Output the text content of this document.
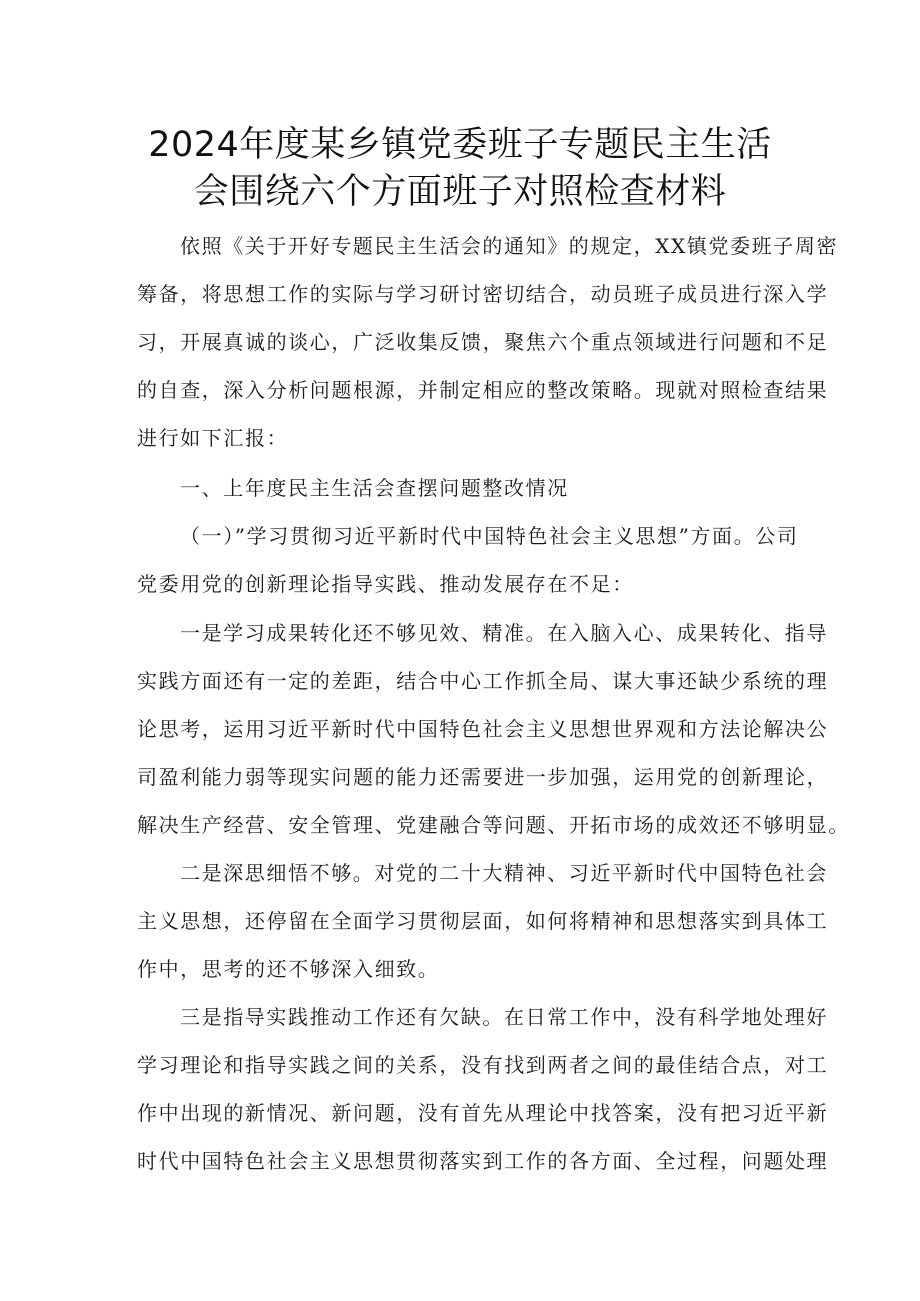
2024年度某乡镇党委班子专题民主生活
会围绕六个方面班子对照检查材料
依照《关于开好专题民主生活会的通知》的规定，XX镇党委班子周密
筹备，将思想工作的实际与学习研讨密切结合，动员班子成员进行深入学
习，开展真诚的谈心，广泛收集反馈，聚焦六个重点领域进行问题和不足
的自查，深入分析问题根源，并制定相应的整改策略。现就对照检查结果
进行如下汇报：
一、上年度民主生活会查摆问题整改情况
（一）”学习贯彻习近平新时代中国特色社会主义思想”方面。公司
党委用党的创新理论指导实践、推动发展存在不足：
一是学习成果转化还不够见效、精准。在入脑入心、成果转化、指导
实践方面还有一定的差距，结合中心工作抓全局、谋大事还缺少系统的理
论思考，运用习近平新时代中国特色社会主义思想世界观和方法论解决公
司盈利能力弱等现实问题的能力还需要进一步加强，运用党的创新理论，
解决生产经营、安全管理、党建融合等问题、开拓市场的成效还不够明显。
二是深思细悟不够。对党的二十大精神、习近平新时代中国特色社会
主义思想，还停留在全面学习贯彻层面，如何将精神和思想落实到具体工
作中，思考的还不够深入细致。
三是指导实践推动工作还有欠缺。在日常工作中，没有科学地处理好
学习理论和指导实践之间的关系，没有找到两者之间的最佳结合点，对工
作中出现的新情况、新问题，没有首先从理论中找答案，没有把习近平新
时代中国特色社会主义思想贯彻落实到工作的各方面、全过程，问题处理
